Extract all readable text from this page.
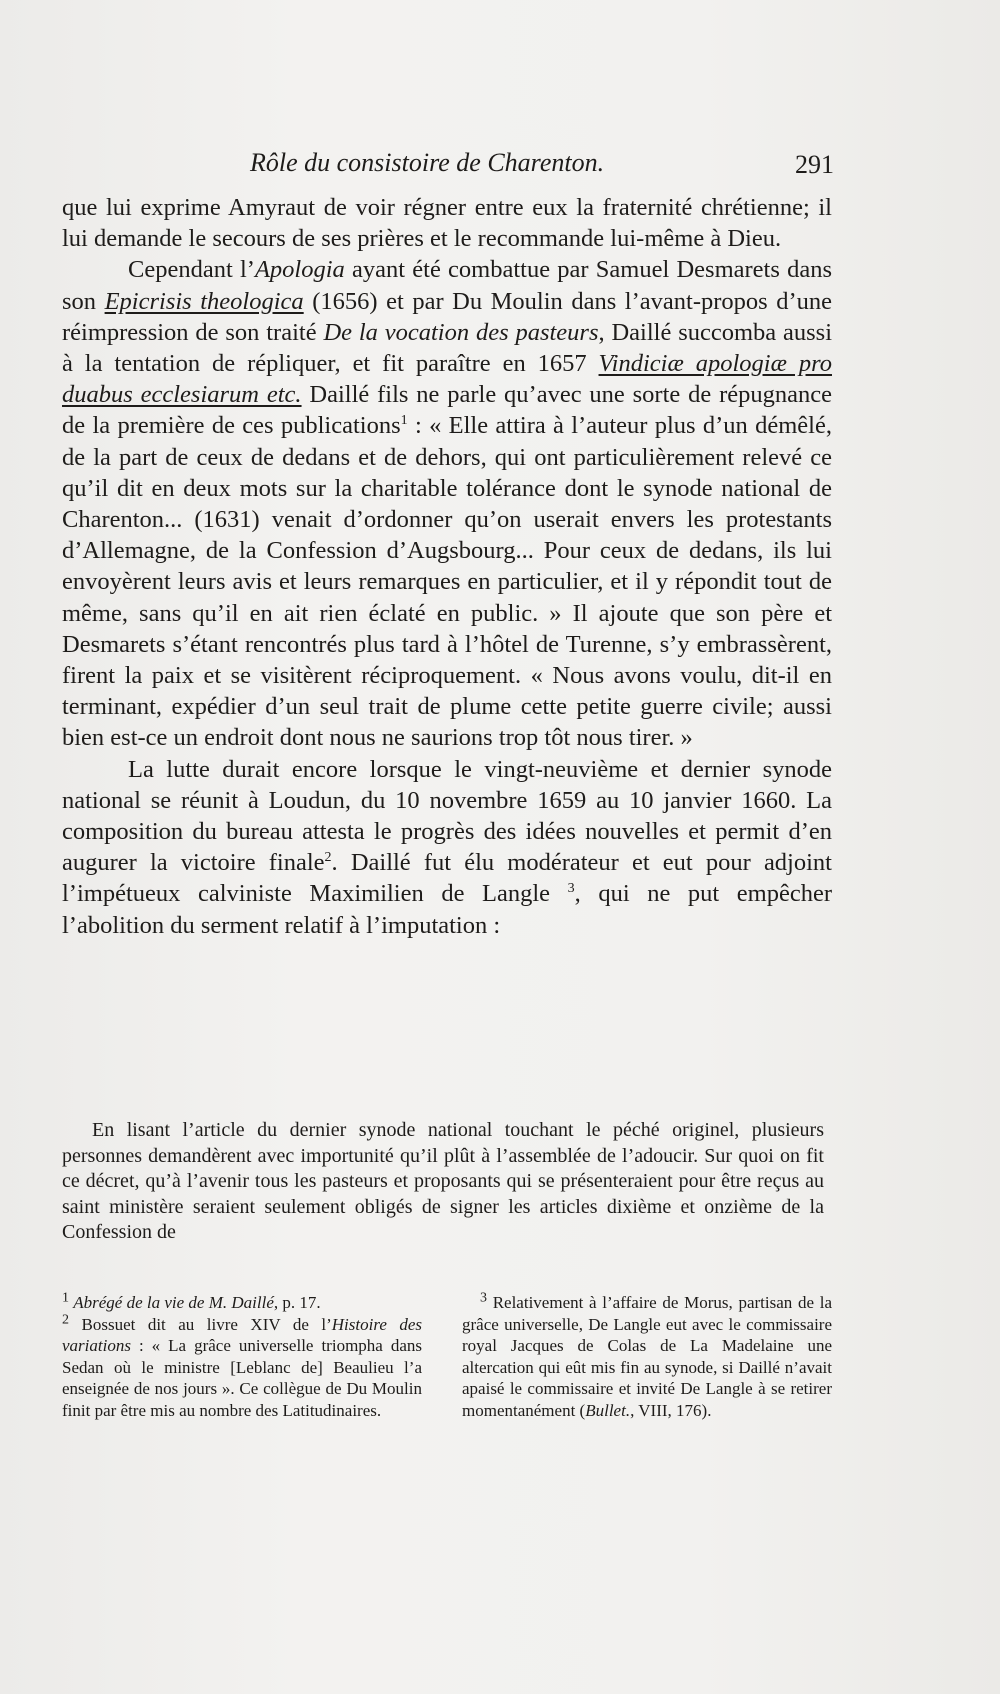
Rôle du consistoire de Charenton.	291

que lui exprime Amyraut de voir régner entre eux la fraternité chrétienne; il lui demande le secours de ses prières et le recommande lui-même à Dieu.

Cependant l’Apologia ayant été combattue par Samuel Desmarets dans son Epicrisis theologica (1656) et par Du Moulin dans l’avant-propos d’une réimpression de son traité De la vocation des pasteurs, Daillé succomba aussi à la tentation de répliquer, et fit paraître en 1657 Vindiciæ apologiæ pro duabus ecclesiarum etc. Daillé fils ne parle qu’avec une sorte de répugnance de la première de ces publications$^1$ : « Elle attira à l’auteur plus d’un démêlé, de la part de ceux de dedans et de dehors, qui ont particulièrement relevé ce qu’il dit en deux mots sur la charitable tolérance dont le synode national de Charenton... (1631) venait d’ordonner qu’on userait envers les protestants d’Allemagne, de la Confession d’Augsbourg... Pour ceux de dedans, ils lui envoyèrent leurs avis et leurs remarques en particulier, et il y répondit tout de même, sans qu’il en ait rien éclaté en public. » Il ajoute que son père et Desmarets s’étant rencontrés plus tard à l’hôtel de Turenne, s’y embrassèrent, firent la paix et se visitèrent réciproquement. « Nous avons voulu, dit-il en terminant, expédier d’un seul trait de plume cette petite guerre civile; aussi bien est-ce un endroit dont nous ne saurions trop tôt nous tirer. »

La lutte durait encore lorsque le vingt-neuvième et dernier synode national se réunit à Loudun, du 10 novembre 1659 au 10 janvier 1660. La composition du bureau attesta le progrès des idées nouvelles et permit d’en augurer la victoire finale$^2$. Daillé fut élu modérateur et eut pour adjoint l’impétueux calviniste Maximilien de Langle $^3$, qui ne put empêcher l’abolition du serment relatif à l’imputation :

En lisant l’article du dernier synode national touchant le péché originel, plusieurs personnes demandèrent avec importunité qu’il plût à l’assemblée de l’adoucir. Sur quoi on fit ce décret, qu’à l’avenir tous les pasteurs et proposants qui se présenteraient pour être reçus au saint ministère seraient seulement obligés de signer les articles dixième et onzième de la Confession de

$^1$ Abrégé de la vie de M. Daillé, p. 17.

$^2$ Bossuet dit au livre XIV de l’Histoire des variations : « La grâce universelle triompha dans Sedan où le ministre [Leblanc de] Beaulieu l’a enseignée de nos jours ». Ce collègue de Du Moulin finit par être mis au nombre des Latitudinaires.

$^3$ Relativement à l’affaire de Morus, partisan de la grâce universelle, De Langle eut avec le commissaire royal Jacques de Colas de La Madelaine une altercation qui eût mis fin au synode, si Daillé n’avait apaisé le commissaire et invité De Langle à se retirer momentanément (Bullet., VIII, 176).
